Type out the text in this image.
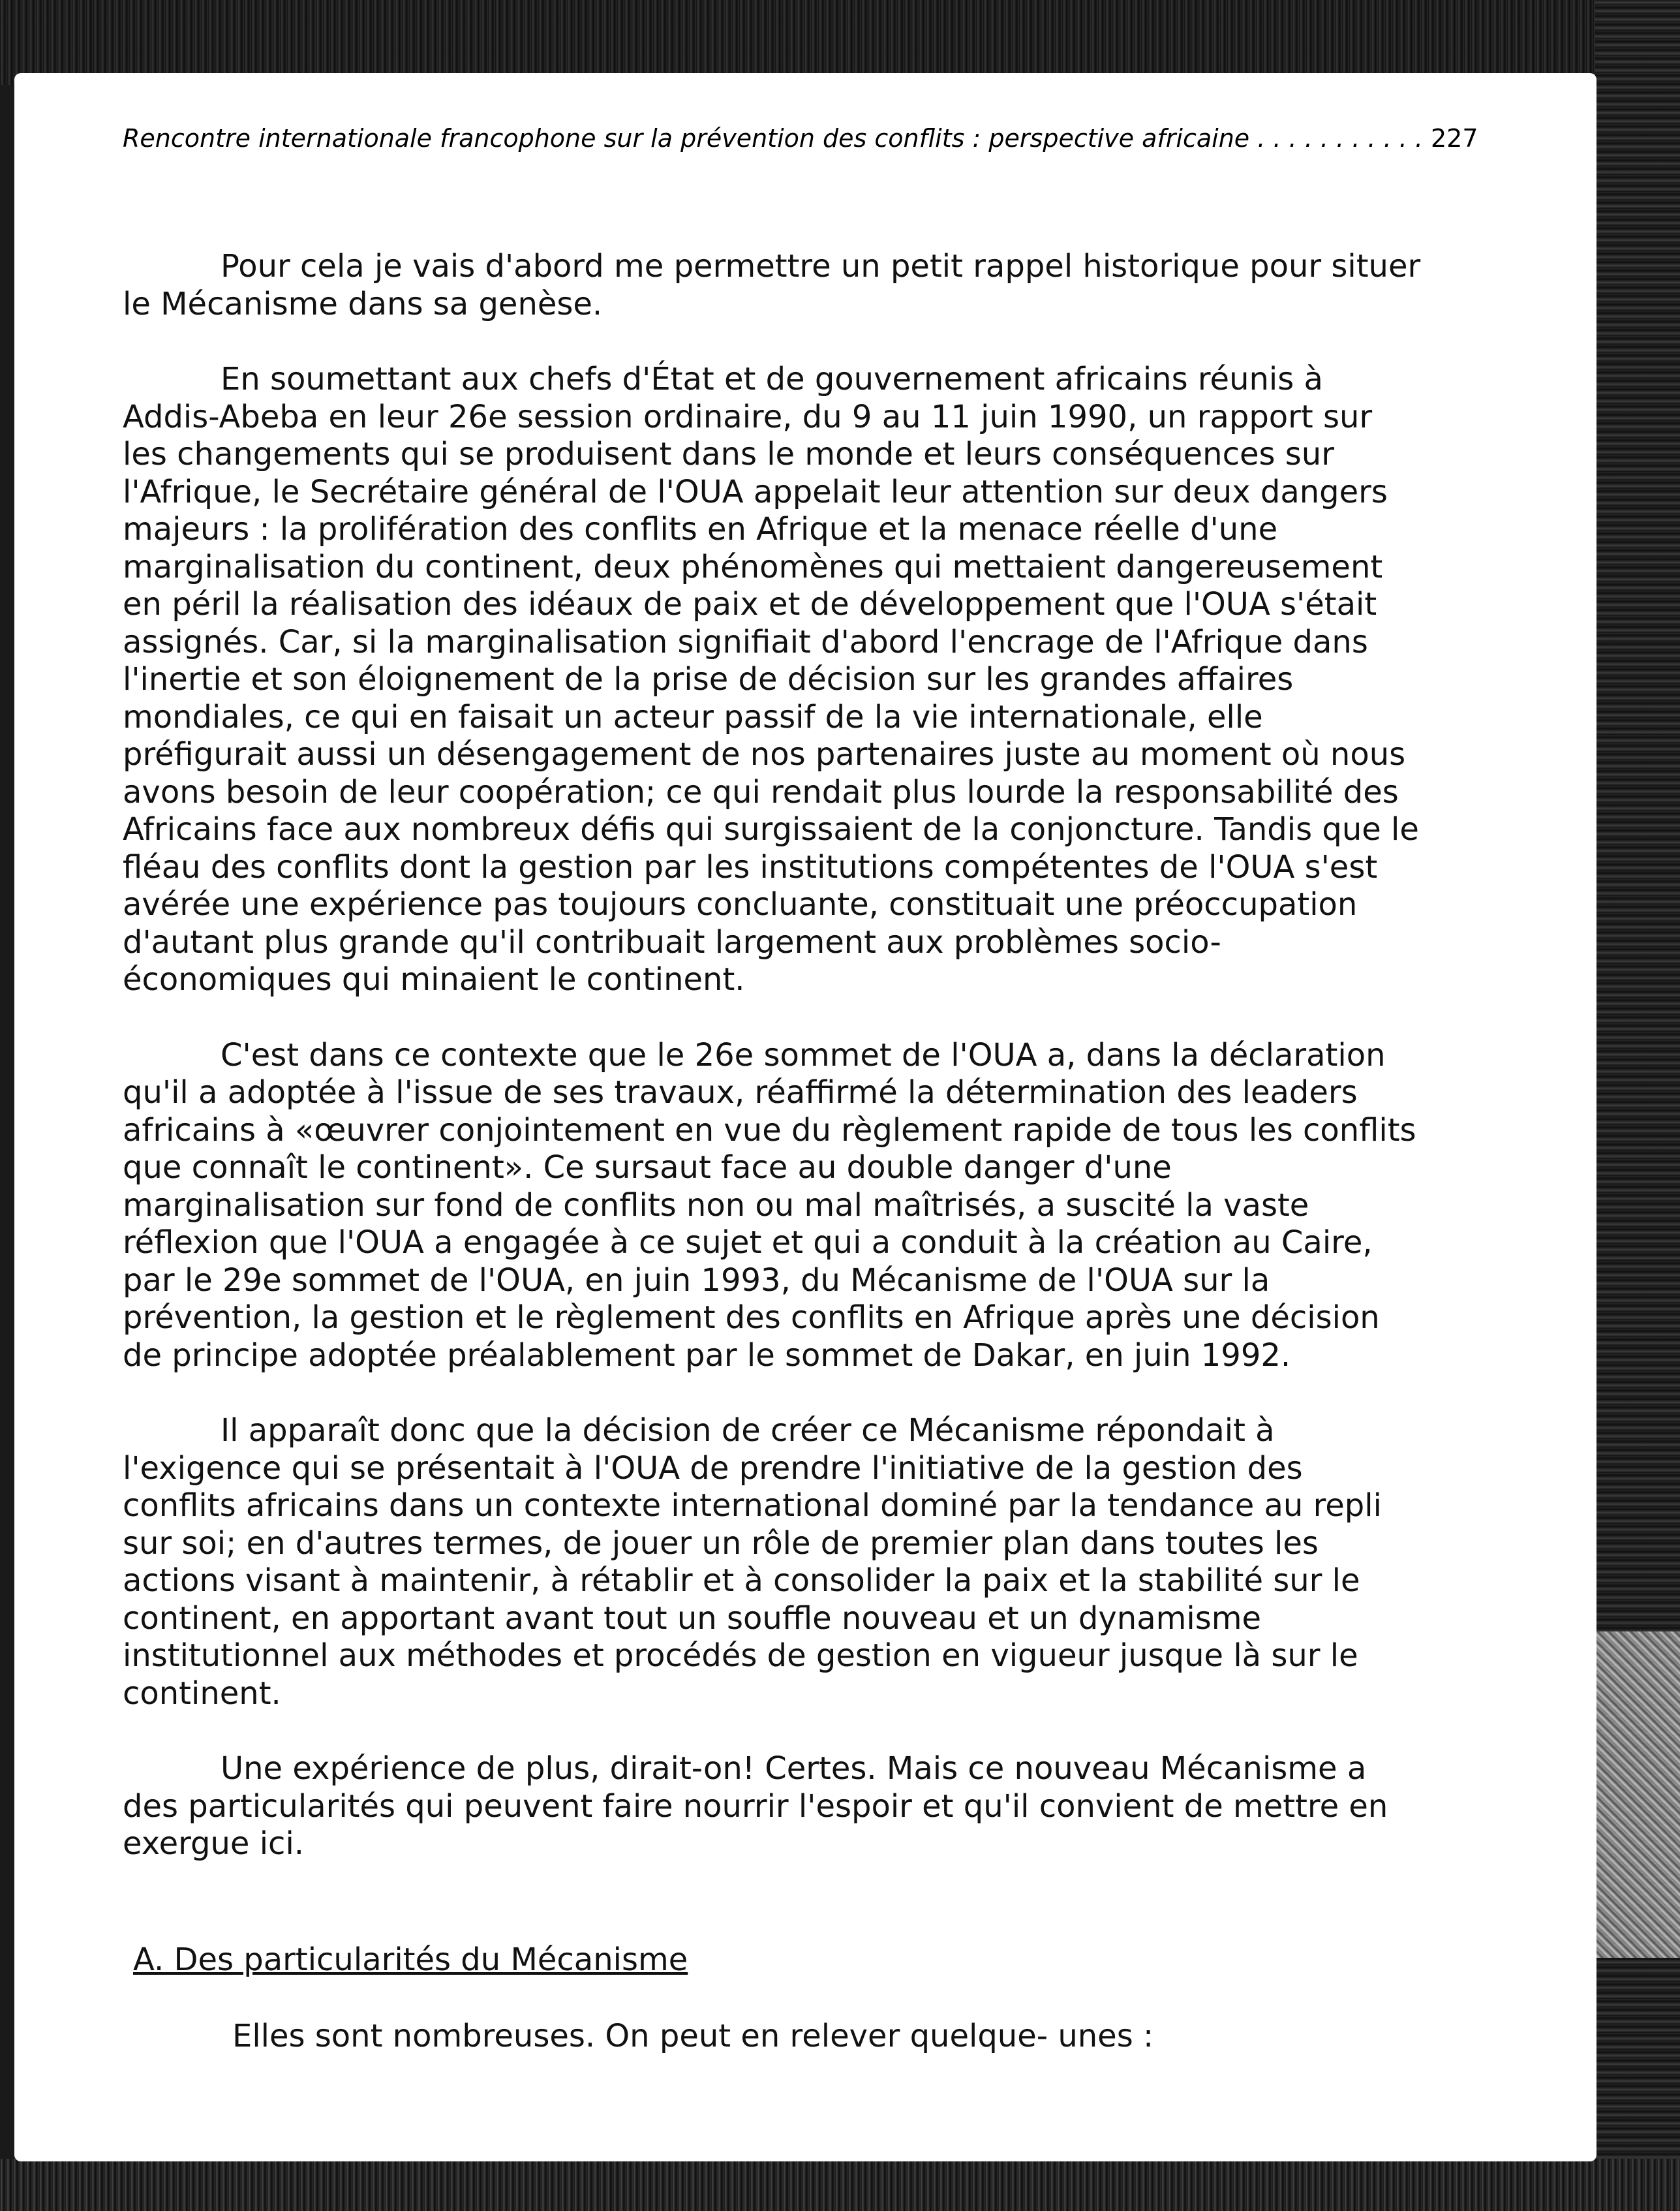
Rencontre internationale francophone sur la prévention des conflits : perspective africaine . . . . . . . . . . . 227

Pour cela je vais d'abord me permettre un petit rappel historique pour situer le Mécanisme dans sa genèse.

En soumettant aux chefs d'État et de gouvernement africains réunis à Addis-Abeba en leur 26e session ordinaire, du 9 au 11 juin 1990, un rapport sur les changements qui se produisent dans le monde et leurs conséquences sur l'Afrique, le Secrétaire général de l'OUA appelait leur attention sur deux dangers majeurs : la prolifération des conflits en Afrique et la menace réelle d'une marginalisation du continent, deux phénomènes qui mettaient dangereusement en péril la réalisation des idéaux de paix et de développement que l'OUA s'était assignés. Car, si la marginalisation signifiait d'abord l'encrage de l'Afrique dans l'inertie et son éloignement de la prise de décision sur les grandes affaires mondiales, ce qui en faisait un acteur passif de la vie internationale, elle préfigurait aussi un désengagement de nos partenaires juste au moment où nous avons besoin de leur coopération; ce qui rendait plus lourde la responsabilité des Africains face aux nombreux défis qui surgissaient de la conjoncture. Tandis que le fléau des conflits dont la gestion par les institutions compétentes de l'OUA s'est avérée une expérience pas toujours concluante, constituait une préoccupation d'autant plus grande qu'il contribuait largement aux problèmes socio-économiques qui minaient le continent.

C'est dans ce contexte que le 26e sommet de l'OUA a, dans la déclaration qu'il a adoptée à l'issue de ses travaux, réaffirmé la détermination des leaders africains à «œuvrer conjointement en vue du règlement rapide de tous les conflits que connaît le continent». Ce sursaut face au double danger d'une marginalisation sur fond de conflits non ou mal maîtrisés, a suscité la vaste réflexion que l'OUA a engagée à ce sujet et qui a conduit à la création au Caire, par le 29e sommet de l'OUA, en juin 1993, du Mécanisme de l'OUA sur la prévention, la gestion et le règlement des conflits en Afrique après une décision de principe adoptée préalablement par le sommet de Dakar, en juin 1992.

Il apparaît donc que la décision de créer ce Mécanisme répondait à l'exigence qui se présentait à l'OUA de prendre l'initiative de la gestion des conflits africains dans un contexte international dominé par la tendance au repli sur soi; en d'autres termes, de jouer un rôle de premier plan dans toutes les actions visant à maintenir, à rétablir et à consolider la paix et la stabilité sur le continent, en apportant avant tout un souffle nouveau et un dynamisme institutionnel aux méthodes et procédés de gestion en vigueur jusque là sur le continent.

Une expérience de plus, dirait-on! Certes. Mais ce nouveau Mécanisme a des particularités qui peuvent faire nourrir l'espoir et qu'il convient de mettre en exergue ici.

A. Des particularités du Mécanisme

Elles sont nombreuses. On peut en relever quelque- unes :
